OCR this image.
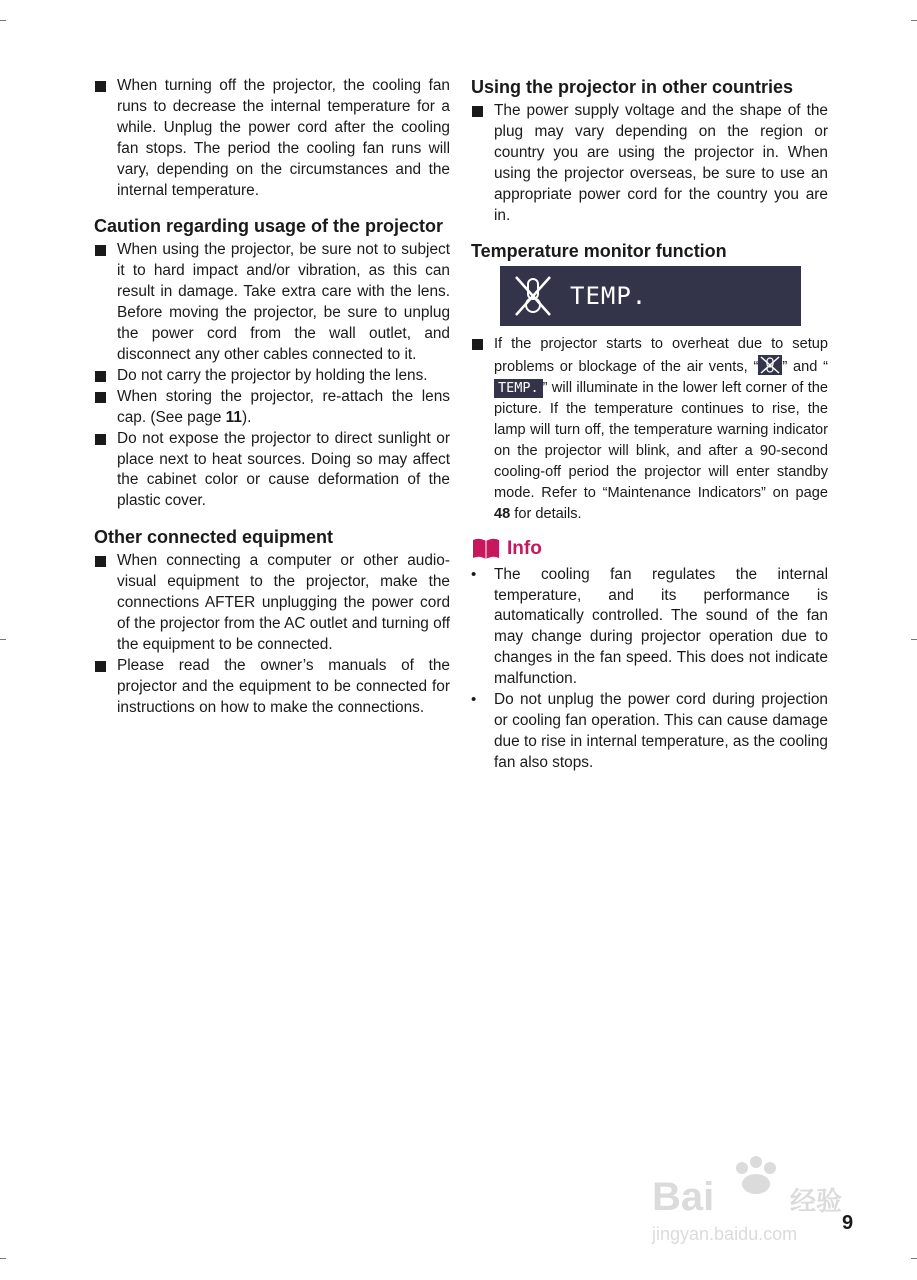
When turning off the projector, the cooling fan runs to decrease the internal temperature for a while. Unplug the power cord after the cooling fan stops. The period the cooling fan runs will vary, depending on the circumstances and the internal temperature.
Caution regarding usage of the projector
When using the projector, be sure not to subject it to hard impact and/or vibration, as this can result in damage. Take extra care with the lens. Before moving the projector, be sure to unplug the power cord from the wall outlet, and disconnect any other cables connected to it.
Do not carry the projector by holding the lens.
When storing the projector, re-attach the lens cap. (See page 11).
Do not expose the projector to direct sunlight or place next to heat sources. Doing so may affect the cabinet color or cause deformation of the plastic cover.
Other connected equipment
When connecting a computer or other audio-visual equipment to the projector, make the connections AFTER unplugging the power cord of the projector from the AC outlet and turning off the equipment to be connected.
Please read the owner’s manuals of the projector and the equipment to be connected for instructions on how to make the connections.
Using the projector in other countries
The power supply voltage and the shape of the plug may vary depending on the region or country you are using the projector in. When using the projector overseas, be sure to use an appropriate power cord for the country you are in.
Temperature monitor function
TEMP.
If the projector starts to overheat due to setup problems or blockage of the air vents, “ ” and “TEMP. ” will illuminate in the lower left corner of the picture. If the temperature continues to rise, the lamp will turn off, the temperature warning indicator on the projector will blink, and after a 90-second cooling-off period the projector will enter standby mode. Refer to “Maintenance Indicators” on page 48 for details.
Info
• The cooling fan regulates the internal temperature, and its performance is automatically controlled. The sound of the fan may change during projector operation due to changes in the fan speed. This does not indicate malfunction.
• Do not unplug the power cord during projection or cooling fan operation. This can cause damage due to rise in internal temperature, as the cooling fan also stops.
Bai	经验
jingyan.baidu.com 9
